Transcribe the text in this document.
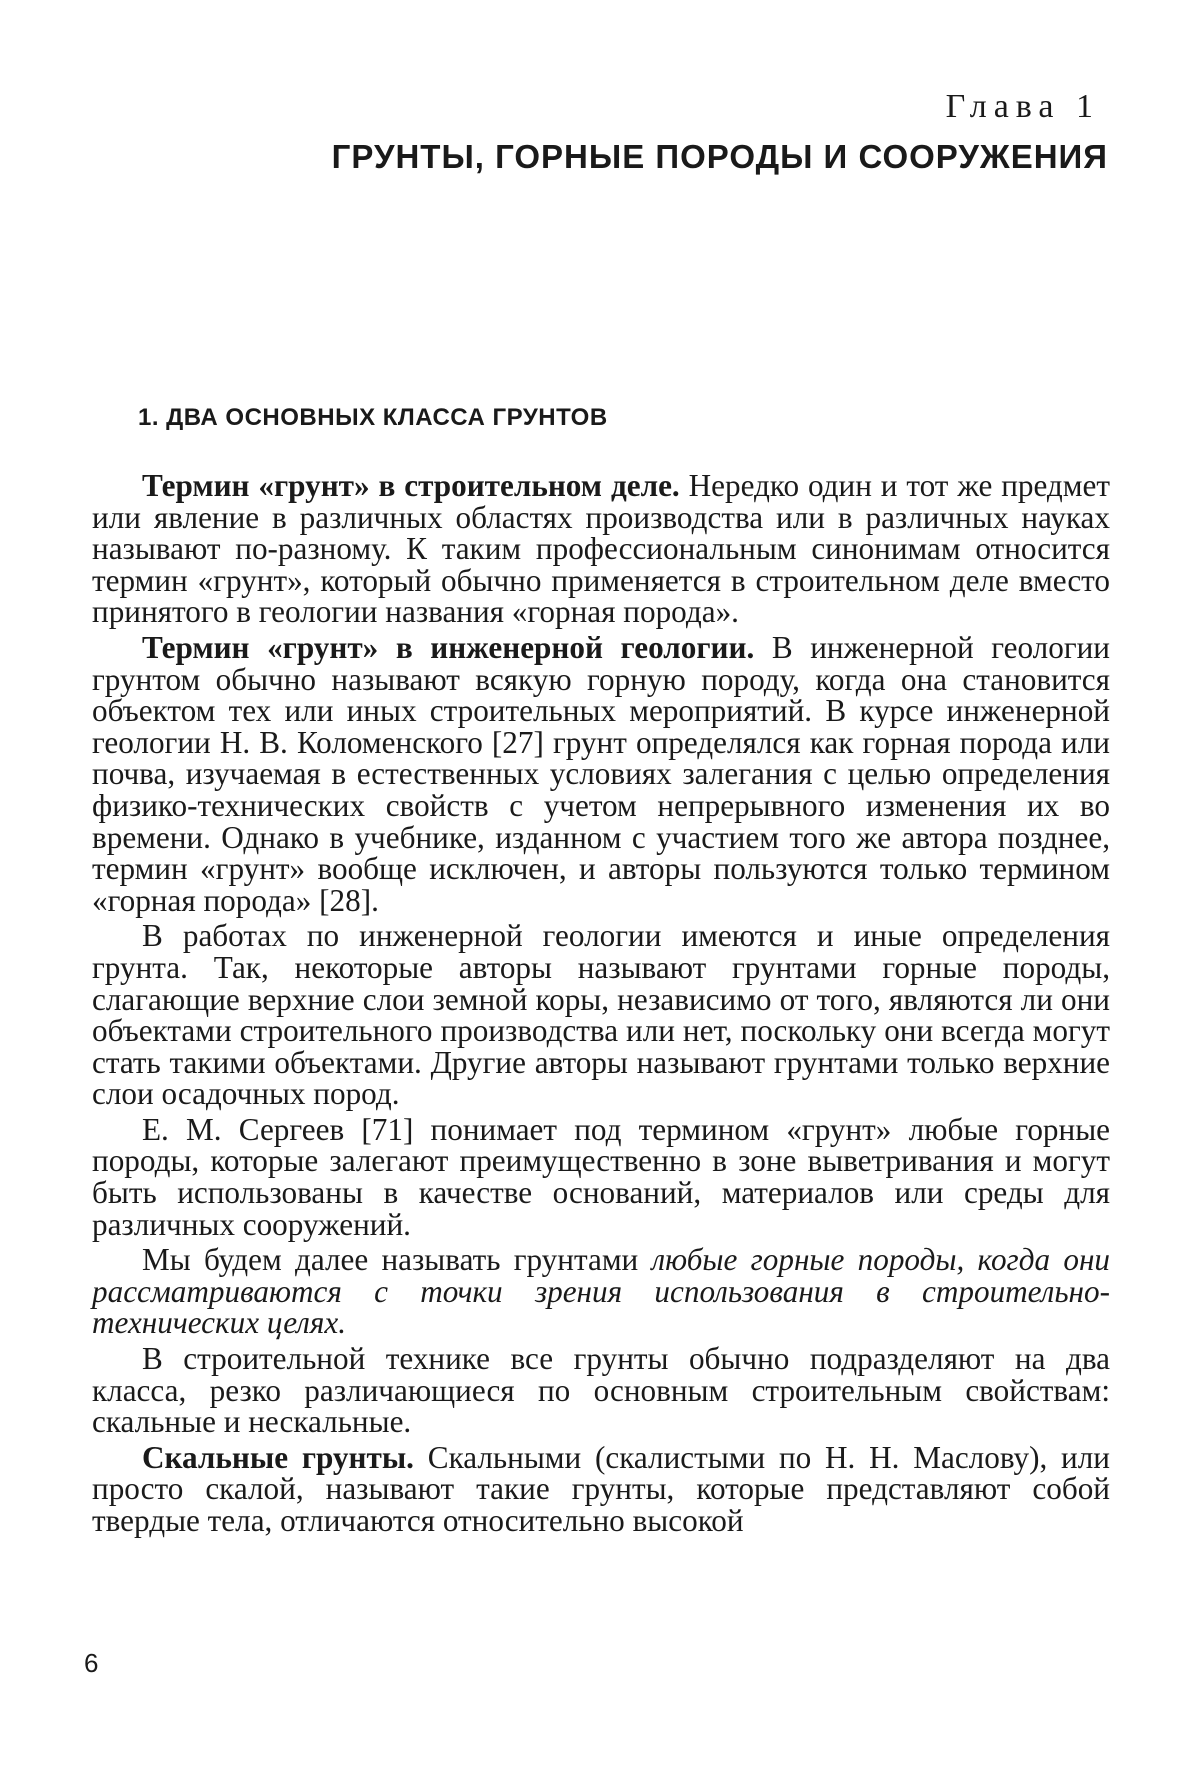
Глава 1
ГРУНТЫ, ГОРНЫЕ ПОРОДЫ И СООРУЖЕНИЯ
1. ДВА ОСНОВНЫХ КЛАССА ГРУНТОВ

Термин «грунт» в строительном деле. Нередко один и тот же предмет или явление в различных областях производства или в различных науках называют по-разному. К таким профессиональным синонимам относится термин «грунт», который обычно применяется в строительном деле вместо принятого в геологии названия «горная порода».

Термин «грунт» в инженерной геологии. В инженерной геологии грунтом обычно называют всякую горную породу, когда она становится объектом тех или иных строительных мероприятий. В курсе инженерной геологии Н. В. Коломенского [27] грунт определялся как горная порода или почва, изучаемая в естественных условиях залегания с целью определения физико-технических свойств с учетом непрерывного изменения их во времени. Однако в учебнике, изданном с участием того же автора позднее, термин «грунт» вообще исключен, и авторы пользуются только термином «горная порода» [28].

В работах по инженерной геологии имеются и иные определения грунта. Так, некоторые авторы называют грунтами горные породы, слагающие верхние слои земной коры, независимо от того, являются ли они объектами строительного производства или нет, поскольку они всегда могут стать такими объектами. Другие авторы называют грунтами только верхние слои осадочных пород.

Е. М. Сергеев [71] понимает под термином «грунт» любые горные породы, которые залегают преимущественно в зоне выветривания и могут быть использованы в качестве оснований, материалов или среды для различных сооружений.

Мы будем далее называть грунтами любые горные породы, когда они рассматриваются с точки зрения использования в строительно-технических целях.

В строительной технике все грунты обычно подразделяют на два класса, резко различающиеся по основным строительным свойствам: скальные и нескальные.

Скальные грунты. Скальными (скалистыми по Н. Н. Маслову), или просто скалой, называют такие грунты, которые представляют собой твердые тела, отличаются относительно высокой

6
